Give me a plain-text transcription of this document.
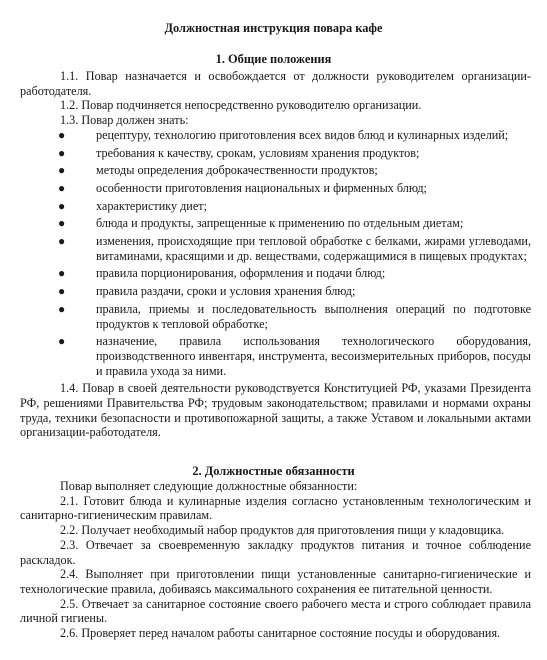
Должностная инструкция повара кафе
1. Общие положения

1.1. Повар назначается и освобождается от должности руководителем организации-работодателя.

1.2. Повар подчиняется непосредственно руководителю организации.

1.3. Повар должен знать:

●	рецептуру, технологию приготовления всех видов блюд и кулинарных изделий;
●	требования к качеству, срокам, условиям хранения продуктов;
●	методы определения доброкачественности продуктов;
●	особенности приготовления национальных и фирменных блюд;
●	характеристику диет;
●	блюда и продукты, запрещенные к применению по отдельным диетам;
●	изменения, происходящие при тепловой обработке с белками, жирами углеводами, витаминами, красящими и др. веществами, содержащимися в пищевых продуктах;
●	правила порционирования, оформления и подачи блюд;
●	правила раздачи, сроки и условия хранения блюд;
●	правила, приемы и последовательность выполнения операций по подготовке продуктов к тепловой обработке;
●	назначение, правила использования технологического оборудования, производственного инвентаря, инструмента, весоизмерительных приборов, посуды и правила ухода за ними.

1.4. Повар в своей деятельности руководствуется Конституцией РФ, указами Президента РФ, решениями Правительства РФ; трудовым законодательством; правилами и нормами охраны труда, техники безопасности и противопожарной защиты, а также Уставом и локальными актами организации-работодателя.

2. Должностные обязанности

Повар выполняет следующие должностные обязанности:

2.1. Готовит блюда и кулинарные изделия согласно установленным технологическим и санитарно-гигиеническим правилам.

2.2. Получает необходимый набор продуктов для приготовления пищи у кладовщика.

2.3. Отвечает за своевременную закладку продуктов питания и точное соблюдение раскладок.

2.4. Выполняет при приготовлении пищи установленные санитарно-гигиенические и технологические правила, добиваясь максимального сохранения ее питательной ценности.

2.5. Отвечает за санитарное состояние своего рабочего места и строго соблюдает правила личной гигиены.

2.6. Проверяет перед началом работы санитарное состояние посуды и оборудования.
